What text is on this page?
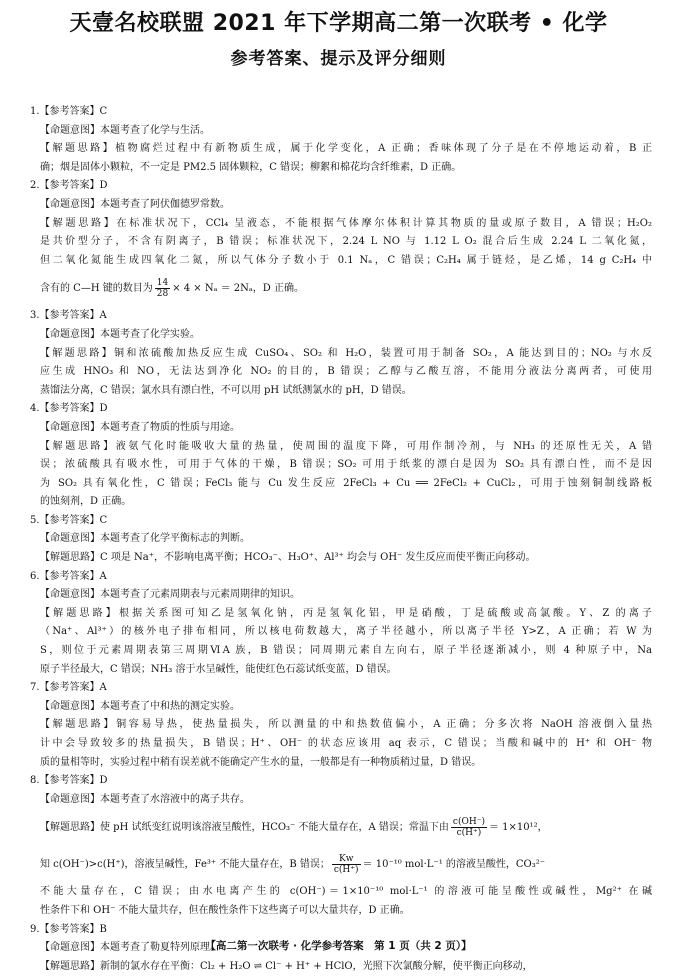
天壹名校联盟 2021 年下学期高二第一次联考 • 化学
参考答案、提示及评分细则
1.【参考答案】C
【命题意图】本题考查了化学与生活。
【解题思路】植物腐烂过程中有新物质生成，属于化学变化，A 正确；香味体现了分子是在不停地运动着，B 正
确；烟是固体小颗粒，不一定是 PM2.5 固体颗粒，C 错误；柳絮和棉花均含纤维素，D 正确。
2.【参考答案】D
【命题意图】本题考查了阿伏伽德罗常数。
【解题思路】在标准状况下，CCl₄ 呈液态，不能根据气体摩尔体积计算其物质的量或原子数目，A 错误；H₂O₂
是共价型分子，不含有阴离子，B 错误；标准状况下，2.24 L NO 与 1.12 L O₂ 混合后生成 2.24 L 二氧化氮，
但二氧化氮能生成四氧化二氮，所以气体分子数小于 0.1 Nₐ，C 错误；C₂H₄ 属于链烃，是乙烯，14 g C₂H₄ 中
含有的 C—H 键的数目为 $\frac{14}{28} \times 4 \times N_a = 2N_a$，D 正确。
3.【参考答案】A
【命题意图】本题考查了化学实验。
【解题思路】铜和浓硫酸加热反应生成 CuSO₄、SO₂ 和 H₂O，装置可用于制备 SO₂，A 能达到目的；NO₂ 与水反
应生成 HNO₃ 和 NO，无法达到净化 NO₂ 的目的，B 错误；乙醇与乙酸互溶，不能用分液法分离两者，可使用
蒸馏法分离，C 错误；氯水具有漂白性，不可以用 pH 试纸测氯水的 pH，D 错误。
4.【参考答案】D
【命题意图】本题考查了物质的性质与用途。
【解题思路】液氨气化时能吸收大量的热量，使周围的温度下降，可用作制冷剂，与 NH₃ 的还原性无关，A 错
误；浓硫酸具有吸水性，可用于气体的干燥，B 错误；SO₂ 可用于纸浆的漂白是因为 SO₂ 具有漂白性，而不是因
为 SO₂ 具有氧化性，C 错误；FeCl₃ 能与 Cu 发生反应 2FeCl₃ + Cu ══ 2FeCl₂ + CuCl₂，可用于蚀刻铜制线路板
的蚀刻剂，D 正确。
5.【参考答案】C
【命题意图】本题考查了化学平衡标志的判断。
【解题思路】C 项是 Na⁺，不影响电离平衡；HCO₃⁻、H₃O⁺、Al³⁺ 均会与 OH⁻ 发生反应而使平衡正向移动。
6.【参考答案】A
【命题意图】本题考查了元素周期表与元素周期律的知识。
【解题思路】根据关系图可知乙是氢氧化钠，丙是氢氧化铝，甲是硝酸，丁是硫酸或高氯酸。Y、Z 的离子
（Na⁺、Al³⁺）的核外电子排布相同，所以核电荷数越大，离子半径越小，所以离子半径 Y>Z，A 正确；若 W 为
S，则位于元素周期表第三周期ⅥA 族，B 错误；同周期元素自左向右，原子半径逐渐减小，则 4 种原子中，Na
原子半径最大，C 错误；NH₃ 溶于水呈碱性，能使红色石蕊试纸变蓝，D 错误。
7.【参考答案】A
【命题意图】本题考查了中和热的测定实验。
【解题思路】铜容易导热，使热量损失，所以测量的中和热数值偏小，A 正确；分多次将 NaOH 溶液倒入量热
计中会导致较多的热量损失，B 错误；H⁺、OH⁻ 的状态应该用 aq 表示，C 错误；当酸和碱中的 H⁺ 和 OH⁻ 物
质的量相等时，实验过程中稍有误差就不能确定产生水的量，一般都是有一种物质稍过量，D 错误。
8.【参考答案】D
【命题意图】本题考查了水溶液中的离子共存。
【解题思路】使 pH 试纸变红说明该溶液呈酸性，HCO₃⁻ 不能大量存在，A 错误；常温下由 $\frac{c(OH^-)}{c(H^+)} = 1\times 10^{12}$，
知 c(OH⁻)>c(H⁺)，溶液呈碱性，Fe³⁺ 不能大量存在，B 错误； $\frac{Kw}{c(H^+)} = 10^{-10}$ mol·L⁻¹ 的溶液呈酸性，CO₃²⁻
不能大量存在，C 错误；由水电离产生的 c(OH⁻)＝1×10⁻¹⁰ mol·L⁻¹ 的溶液可能呈酸性或碱性，Mg²⁺ 在碱
性条件下和 OH⁻ 不能大量共存，但在酸性条件下这些离子可以大量共存，D 正确。
9.【参考答案】B
【命题意图】本题考查了勒夏特列原理。
【解题思路】新制的氯水存在平衡：Cl₂ + H₂O ⇌ Cl⁻ + H⁺ + HClO，光照下次氯酸分解，使平衡正向移动，
【高二第一次联考 · 化学参考答案　第 1 页（共 2 页）】
